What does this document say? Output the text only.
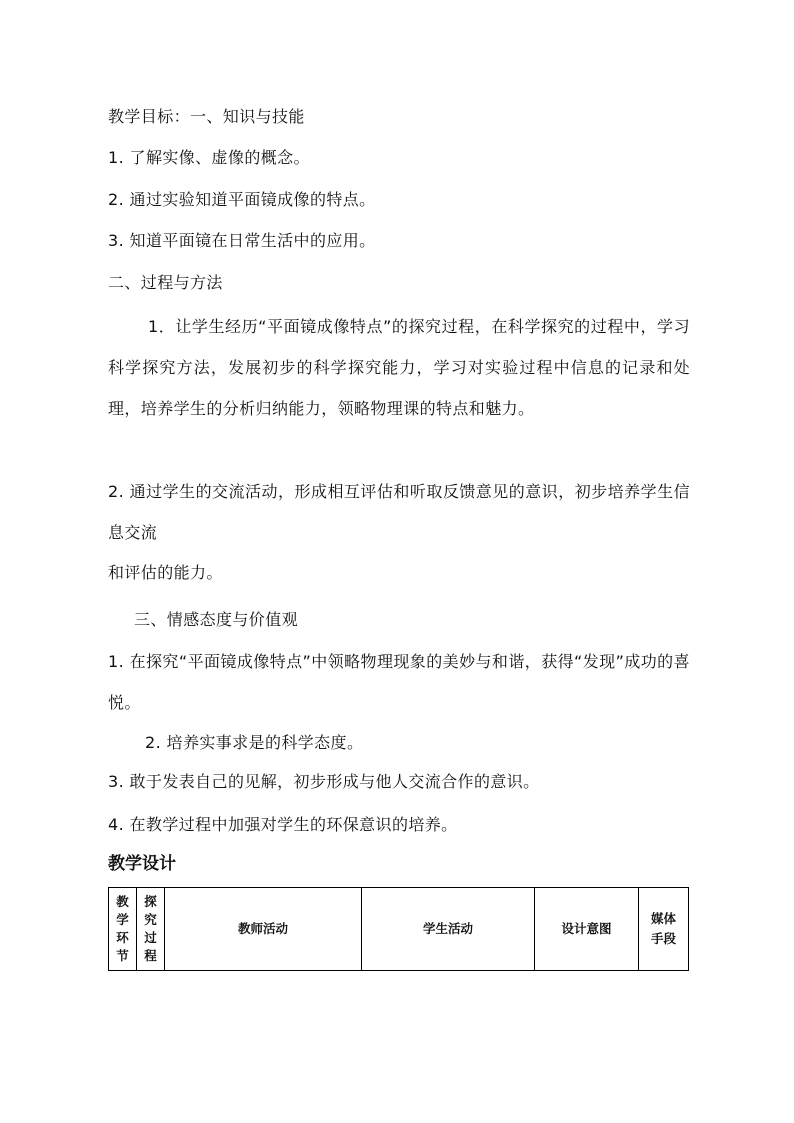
教学目标：一、知识与技能
1. 了解实像、虚像的概念。
2. 通过实验知道平面镜成像的特点。
3. 知道平面镜在日常生活中的应用。
二、过程与方法
1．让学生经历“平面镜成像特点”的探究过程，在科学探究的过程中，学习科学探究方法，发展初步的科学探究能力，学习对实验过程中信息的记录和处理，培养学生的分析归纳能力，领略物理课的特点和魅力。
2. 通过学生的交流活动，形成相互评估和听取反馈意见的意识，初步培养学生信息交流
和评估的能力。
三、情感态度与价值观
1. 在探究“平面镜成像特点”中领略物理现象的美妙与和谐，获得“发现”成功的喜悦。
2. 培养实事求是的科学态度。
3. 敢于发表自己的见解，初步形成与他人交流合作的意识。
4. 在教学过程中加强对学生的环保意识的培养。
教学设计
教学环节	探究过程	教师活动	学生活动	设计意图	媒体手段
